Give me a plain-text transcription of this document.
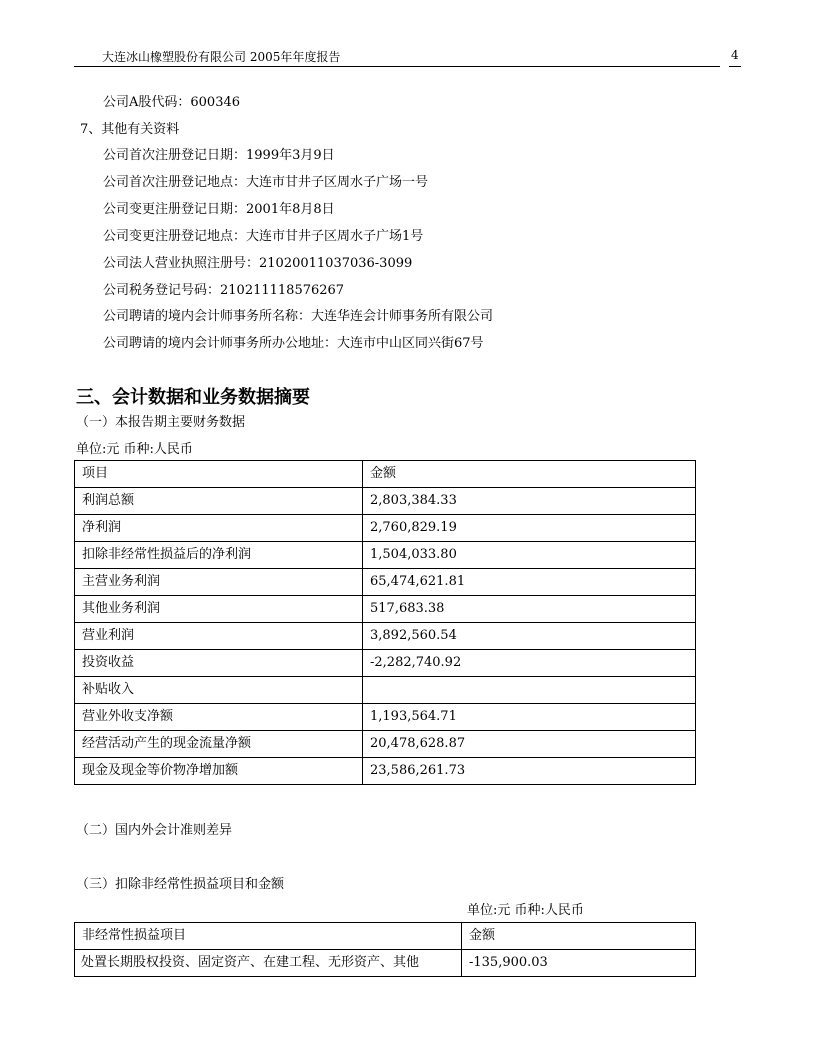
大连冰山橡塑股份有限公司 2005年年度报告	4
公司A股代码：600346
7、其他有关资料
公司首次注册登记日期：1999年3月9日
公司首次注册登记地点：大连市甘井子区周水子广场一号
公司变更注册登记日期：2001年8月8日
公司变更注册登记地点：大连市甘井子区周水子广场1号
公司法人营业执照注册号：21020011037036-3099
公司税务登记号码：210211118576267
公司聘请的境内会计师事务所名称：大连华连会计师事务所有限公司
公司聘请的境内会计师事务所办公地址：大连市中山区同兴街67号
三、会计数据和业务数据摘要
（一）本报告期主要财务数据
单位:元 币种:人民币
项目	金额
利润总额	2,803,384.33
净利润	2,760,829.19
扣除非经常性损益后的净利润	1,504,033.80
主营业务利润	65,474,621.81
其他业务利润	517,683.38
营业利润	3,892,560.54
投资收益	-2,282,740.92
补贴收入	
营业外收支净额	1,193,564.71
经营活动产生的现金流量净额	20,478,628.87
现金及现金等价物净增加额	23,586,261.73
（二）国内外会计准则差异
（三）扣除非经常性损益项目和金额
单位:元 币种:人民币
非经常性损益项目	金额
处置长期股权投资、固定资产、在建工程、无形资产、其他	-135,900.03
